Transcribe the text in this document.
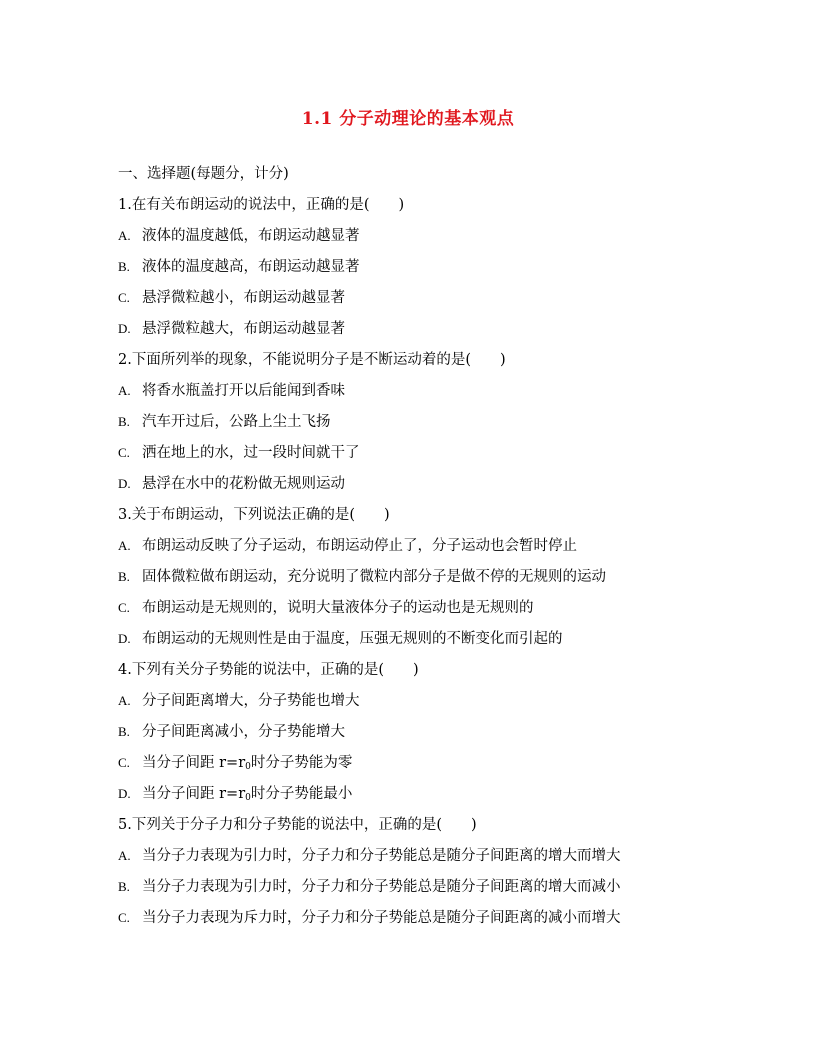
1.1 分子动理论的基本观点
一、选择题(每题分，计分)
1.在有关布朗运动的说法中，正确的是(　　)
A. 液体的温度越低，布朗运动越显著
B. 液体的温度越高，布朗运动越显著
C. 悬浮微粒越小，布朗运动越显著
D. 悬浮微粒越大，布朗运动越显著
2.下面所列举的现象，不能说明分子是不断运动着的是(　　)
A. 将香水瓶盖打开以后能闻到香味
B. 汽车开过后，公路上尘土飞扬
C. 洒在地上的水，过一段时间就干了
D. 悬浮在水中的花粉做无规则运动
3.关于布朗运动，下列说法正确的是(　　)
A. 布朗运动反映了分子运动，布朗运动停止了，分子运动也会暂时停止
B. 固体微粒做布朗运动，充分说明了微粒内部分子是做不停的无规则的运动
C. 布朗运动是无规则的，说明大量液体分子的运动也是无规则的
D. 布朗运动的无规则性是由于温度，压强无规则的不断变化而引起的
4.下列有关分子势能的说法中，正确的是(　　)
A. 分子间距离增大，分子势能也增大
B. 分子间距离减小，分子势能增大
C. 当分子间距 $r=r_0$时分子势能为零
D. 当分子间距 $r=r_0$时分子势能最小
5.下列关于分子力和分子势能的说法中，正确的是(　　)
A. 当分子力表现为引力时，分子力和分子势能总是随分子间距离的增大而增大
B. 当分子力表现为引力时，分子力和分子势能总是随分子间距离的增大而减小
C. 当分子力表现为斥力时，分子力和分子势能总是随分子间距离的减小而增大
